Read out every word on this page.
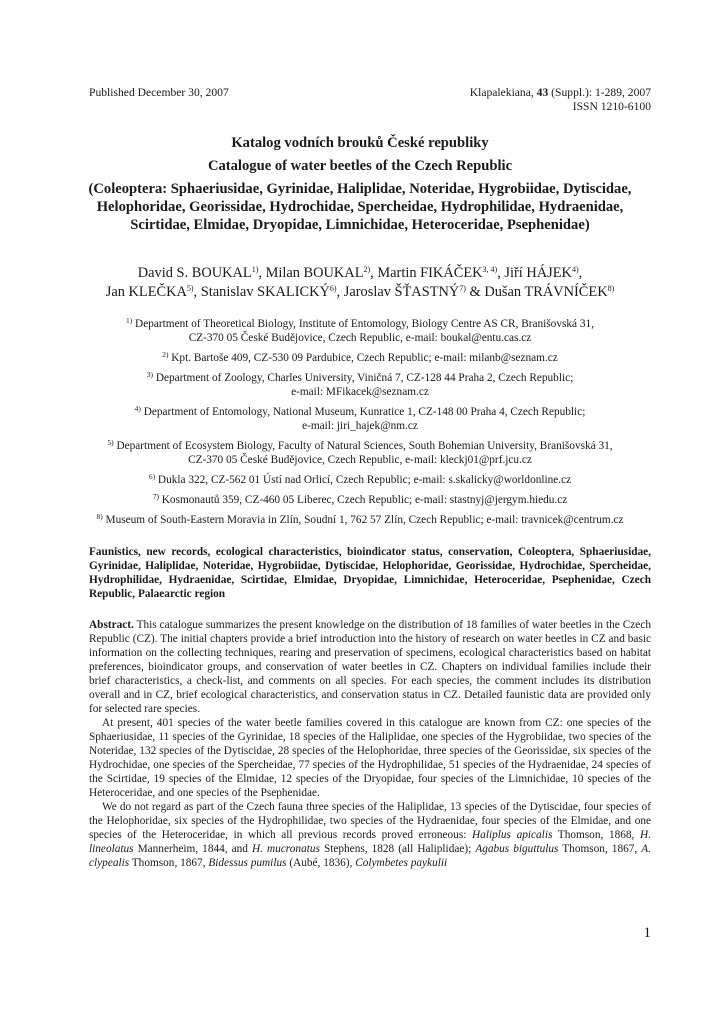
Published December 30, 2007	Klapalekiana, 43 (Suppl.): 1-289, 2007
ISSN 1210-6100
Katalog vodních brouků České republiky
Catalogue of water beetles of the Czech Republic
(Coleoptera: Sphaeriusidae, Gyrinidae, Haliplidae, Noteridae, Hygrobiidae, Dytiscidae, Helophoridae, Georissidae, Hydrochidae, Spercheidae, Hydrophilidae, Hydraenidae, Scirtidae, Elmidae, Dryopidae, Limnichidae, Heteroceridae, Psephenidae)
David S. BOUKAL$^{1)}$, Milan BOUKAL$^{2)}$, Martin FIKÁČEK$^{3, 4)}$, Jiří HÁJEK$^{4)}$,
Jan KLEČKA$^{5)}$, Stanislav SKALICKÝ$^{6)}$, Jaroslav ŠŤASTNÝ$^{7)}$ & Dušan TRÁVNÍČEK$^{8)}$
$^{1)}$ Department of Theoretical Biology, Institute of Entomology, Biology Centre AS CR, Branišovská 31,
CZ-370 05 České Budějovice, Czech Republic, e-mail: boukal@entu.cas.cz
$^{2)}$ Kpt. Bartoše 409, CZ-530 09 Pardubice, Czech Republic; e-mail: milanb@seznam.cz
$^{3)}$ Department of Zoology, Charles University, Viničná 7, CZ-128 44 Praha 2, Czech Republic;
e-mail: MFikacek@seznam.cz
$^{4)}$ Department of Entomology, National Museum, Kunratice 1, CZ-148 00 Praha 4, Czech Republic;
e-mail: jiri_hajek@nm.cz
$^{5)}$ Department of Ecosystem Biology, Faculty of Natural Sciences, South Bohemian University, Branišovská 31,
CZ-370 05 České Budějovice, Czech Republic, e-mail: kleckj01@prf.jcu.cz
$^{6)}$ Dukla 322, CZ-562 01 Ústí nad Orlicí, Czech Republic; e-mail: s.skalicky@worldonline.cz
$^{7)}$ Kosmonautů 359, CZ-460 05 Liberec, Czech Republic; e-mail: stastnyj@jergym.hiedu.cz
$^{8)}$ Museum of South-Eastern Moravia in Zlín, Soudní 1, 762 57 Zlín, Czech Republic; e-mail: travnicek@centrum.cz
Faunistics, new records, ecological characteristics, bioindicator status, conservation, Coleoptera, Sphaeriusidae, Gyrinidae, Haliplidae, Noteridae, Hygrobiidae, Dytiscidae, Helophoridae, Georissidae, Hydrochidae, Spercheidae, Hydrophilidae, Hydraenidae, Scirtidae, Elmidae, Dryopidae, Limnichidae, Heteroceridae, Psephenidae, Czech Republic, Palaearctic region

Abstract. This catalogue summarizes the present knowledge on the distribution of 18 families of water beetles in the Czech Republic (CZ). The initial chapters provide a brief introduction into the history of research on water beetles in CZ and basic information on the collecting techniques, rearing and preservation of specimens, ecological characteristics based on habitat preferences, bioindicator groups, and conservation of water beetles in CZ. Chapters on individual families include their brief characteristics, a check-list, and comments on all species. For each species, the comment includes its distribution overall and in CZ, brief ecological characteristics, and conservation status in CZ. Detailed faunistic data are provided only for selected rare species.

At present, 401 species of the water beetle families covered in this catalogue are known from CZ: one species of the Sphaeriusidae, 11 species of the Gyrinidae, 18 species of the Haliplidae, one species of the Hygrobiidae, two species of the Noteridae, 132 species of the Dytiscidae, 28 species of the Helophoridae, three species of the Georissidae, six species of the Hydrochidae, one species of the Spercheidae, 77 species of the Hydrophilidae, 51 species of the Hydraenidae, 24 species of the Scirtidae, 19 species of the Elmidae, 12 species of the Dryopidae, four species of the Limnichidae, 10 species of the Heteroceridae, and one species of the Psephenidae.

We do not regard as part of the Czech fauna three species of the Haliplidae, 13 species of the Dytiscidae, four species of the Helophoridae, six species of the Hydrophilidae, two species of the Hydraenidae, four species of the Elmidae, and one species of the Heteroceridae, in which all previous records proved erroneous: Haliplus apicalis Thomson, 1868, H. lineolatus Mannerheim, 1844, and H. mucronatus Stephens, 1828 (all Haliplidae); Agabus biguttulus Thomson, 1867, A. clypealis Thomson, 1867, Bidessus pumilus (Aubé, 1836), Colymbetes paykulii

1
